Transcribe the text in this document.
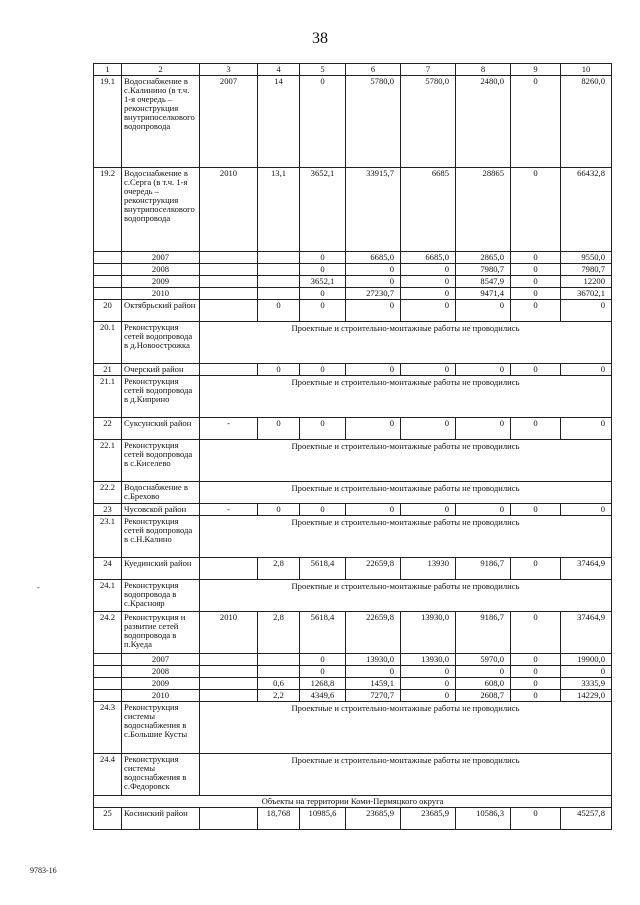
38
1	2	3	4	5	6	7	8	9	10
19.1	Водоснабжение в с.Калинино (в т.ч. 1-я очередь – реконструкция внутрипоселкового водопровода	2007	14	0	5780,0	5780,0	2480,0	0	8260,0
19.2	Водоснабжение в с.Серга (в т.ч. 1-я очередь – реконструкция внутрипоселкового водопровода	2010	13,1	3652,1	33915,7	6685	28865	0	66432,8
	2007			0	6685,0	6685,0	2865,0	0	9550,0
	2008			0	0	0	7980,7	0	7980,7
	2009			3652,1	0	0	8547,9	0	12200
	2010			0	27230,7	0	9471,4	0	36702,1
20	Октябрьский район		0	0	0	0	0	0	0
20.1	Реконструкция сетей водопровода в д.Новоострожка	Проектные и строительно-монтажные работы не проводились							
21	Очерский район		0	0	0	0	0	0	0
21.1	Реконструкция сетей водопровода в д.Киприно	Проектные и строительно-монтажные работы не проводились							
22	Суксунский район	-	0	0	0	0	0	0	0
22.1	Реконструкция сетей водопровода в с.Киселево	Проектные и строительно-монтажные работы не проводились							
22.2	Водоснабжение в с.Брехово	Проектные и строительно-монтажные работы не проводились							
23	Чусовской район	-	0	0	0	0	0	0	0
23.1	Реконструкция сетей водопровода в с.Н.Калино	Проектные и строительно-монтажные работы не проводились							
24	Куединский район		2,8	5618,4	22659,8	13930	9186,7	0	37464,9
24.1	Реконструкция водопровода в с.Краснояр	Проектные и строительно-монтажные работы не проводились							
24.2	Реконструкция и развитие сетей водопровода в п.Куеда	2010	2,8	5618,4	22659,8	13930,0	9186,7	0	37464,9
	2007			0	13930,0	13930,0	5970,0	0	19900,0
	2008			0	0	0	0	0	0
	2009		0,6	1268,8	1459,1	0	608,0	0	3335,9
	2010		2,2	4349,6	7270,7	0	2608,7	0	14229,0
24.3	Реконструкция системы водоснабжения в с.Большие Кусты	Проектные и строительно-монтажные работы не проводились							
24.4	Реконструкция системы водоснабжения в с.Федоровск	Проектные и строительно-монтажные работы не проводились							
Объекты на территории Коми-Пермяцкого округа									
25	Косинский район		18,768	10985,6	23685,9	23685,9	10586,3	0	45257,8
-
9783-16
